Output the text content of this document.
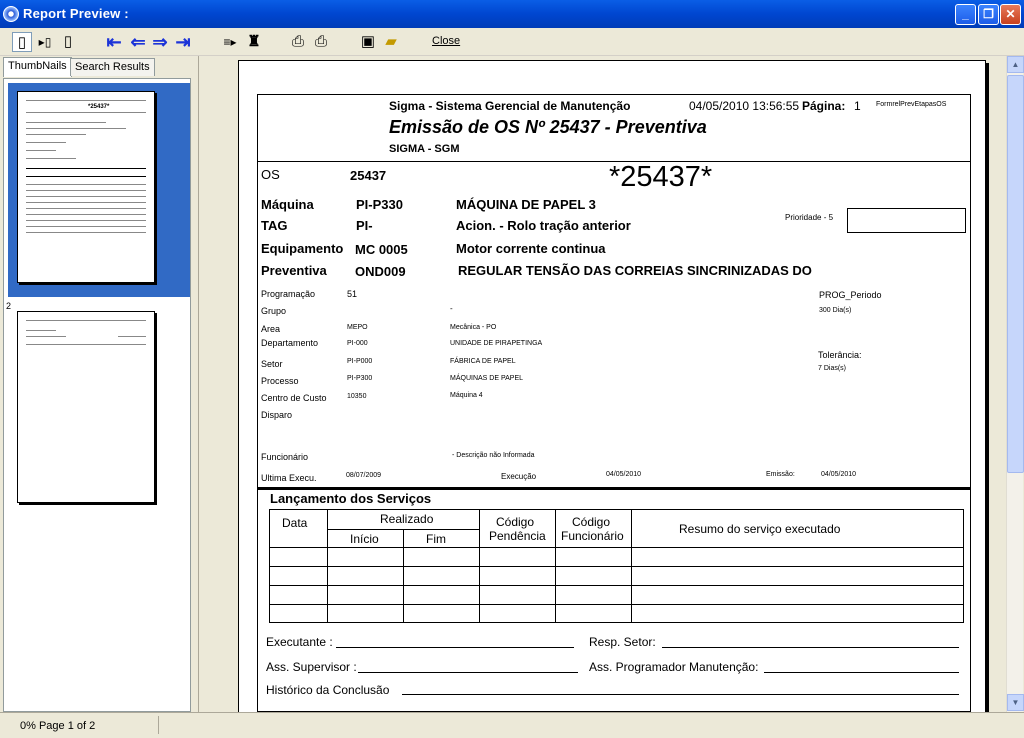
Report Preview :	_	❐ ✕
▯	▸▯ ▯	⇤ ⇐ ⇒ ⇥	≡▸ ♜ ⎙ ⎙ ▣ ▰	Close
ThumbNails Search Results
*25437*
2
Sigma - Sistema Gerencial de Manutenção	04/05/2010 13:56:55 Página: 1 FormrelPrevEtapasOS
Emissão de OS Nº 25437 - Preventiva
SIGMA - SGM
OS	25437	*25437*
Máquina	PI-P330	MÁQUINA DE PAPEL 3
TAG	PI-	Acion. - Rolo tração anterior
Prioridade - 5
Equipamento MC 0005	Motor corrente continua
Preventiva OND009	REGULAR TENSÃO DAS CORREIAS SINCRINIZADAS DO
Programação	51	PROG_Periodo
300 Dia(s)
Grupo	-
Area	MEPO	Mecânica - PO
Departamento	PI-000	UNIDADE DE PIRAPETINGA
Setor	PI-P000	FÁBRICA DE PAPEL
Tolerância:
7 Dias(s)
Processo	PI-P300	MÁQUINAS DE PAPEL
Centro de Custo	10350	Máquina 4
Disparo
Funcionário	- Descrição não Informada
Ultima Execu.	08/07/2009	Execução	04/05/2010	Emissão:	04/05/2010
Lançamento dos Serviços
Data	Realizado
Início	Fim
Código
Pendência
Código
Funcionário	Resumo do serviço executado
Executante :	Resp. Setor:
Ass. Supervisor :	Ass. Programador Manutenção:
Histórico da Conclusão
▲
▼
0% Page 1 of 2
